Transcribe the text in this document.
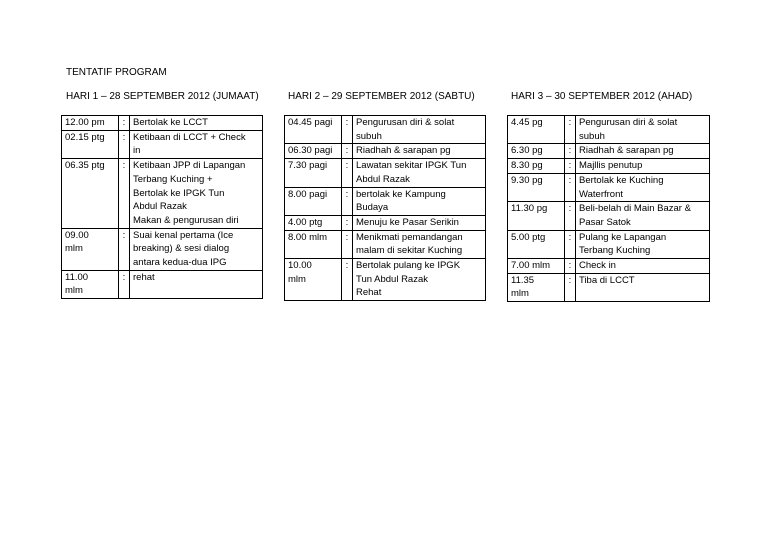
TENTATIF PROGRAM
HARI 1 – 28 SEPTEMBER 2012 (JUMAAT)	HARI 2 – 29 SEPTEMBER 2012 (SABTU)	HARI 3 – 30 SEPTEMBER 2012 (AHAD)
12.00 pm	:	Bertolak ke LCCT
02.15 ptg	:	Ketibaan di LCCT + Check
in
06.35 ptg	:	Ketibaan JPP di Lapangan
Terbang Kuching +
Bertolak ke IPGK Tun
Abdul Razak
Makan & pengurusan diri
09.00
mlm	:	Suai kenal pertama (Ice
breaking) & sesi dialog
antara kedua-dua IPG
11.00
mlm	:	rehat
04.45 pagi	:	Pengurusan diri & solat
subuh
06.30 pagi	:	Riadhah & sarapan pg
7.30 pagi	:	Lawatan sekitar IPGK Tun
Abdul Razak
8.00 pagi	:	bertolak ke Kampung
Budaya
4.00 ptg	:	Menuju ke Pasar Serikin
8.00 mlm	:	Menikmati pemandangan
malam di sekitar Kuching
10.00
mlm	:	Bertolak pulang ke IPGK
Tun Abdul Razak
Rehat
4.45 pg	:	Pengurusan diri & solat
subuh
6.30 pg	:	Riadhah & sarapan pg
8.30 pg	:	Majllis penutup
9.30 pg	:	Bertolak ke Kuching
Waterfront
11.30 pg	:	Beli-belah di Main Bazar &
Pasar Satok
5.00 ptg	:	Pulang ke Lapangan
Terbang Kuching
7.00 mlm	:	Check in
11.35
mlm	:	Tiba di LCCT
